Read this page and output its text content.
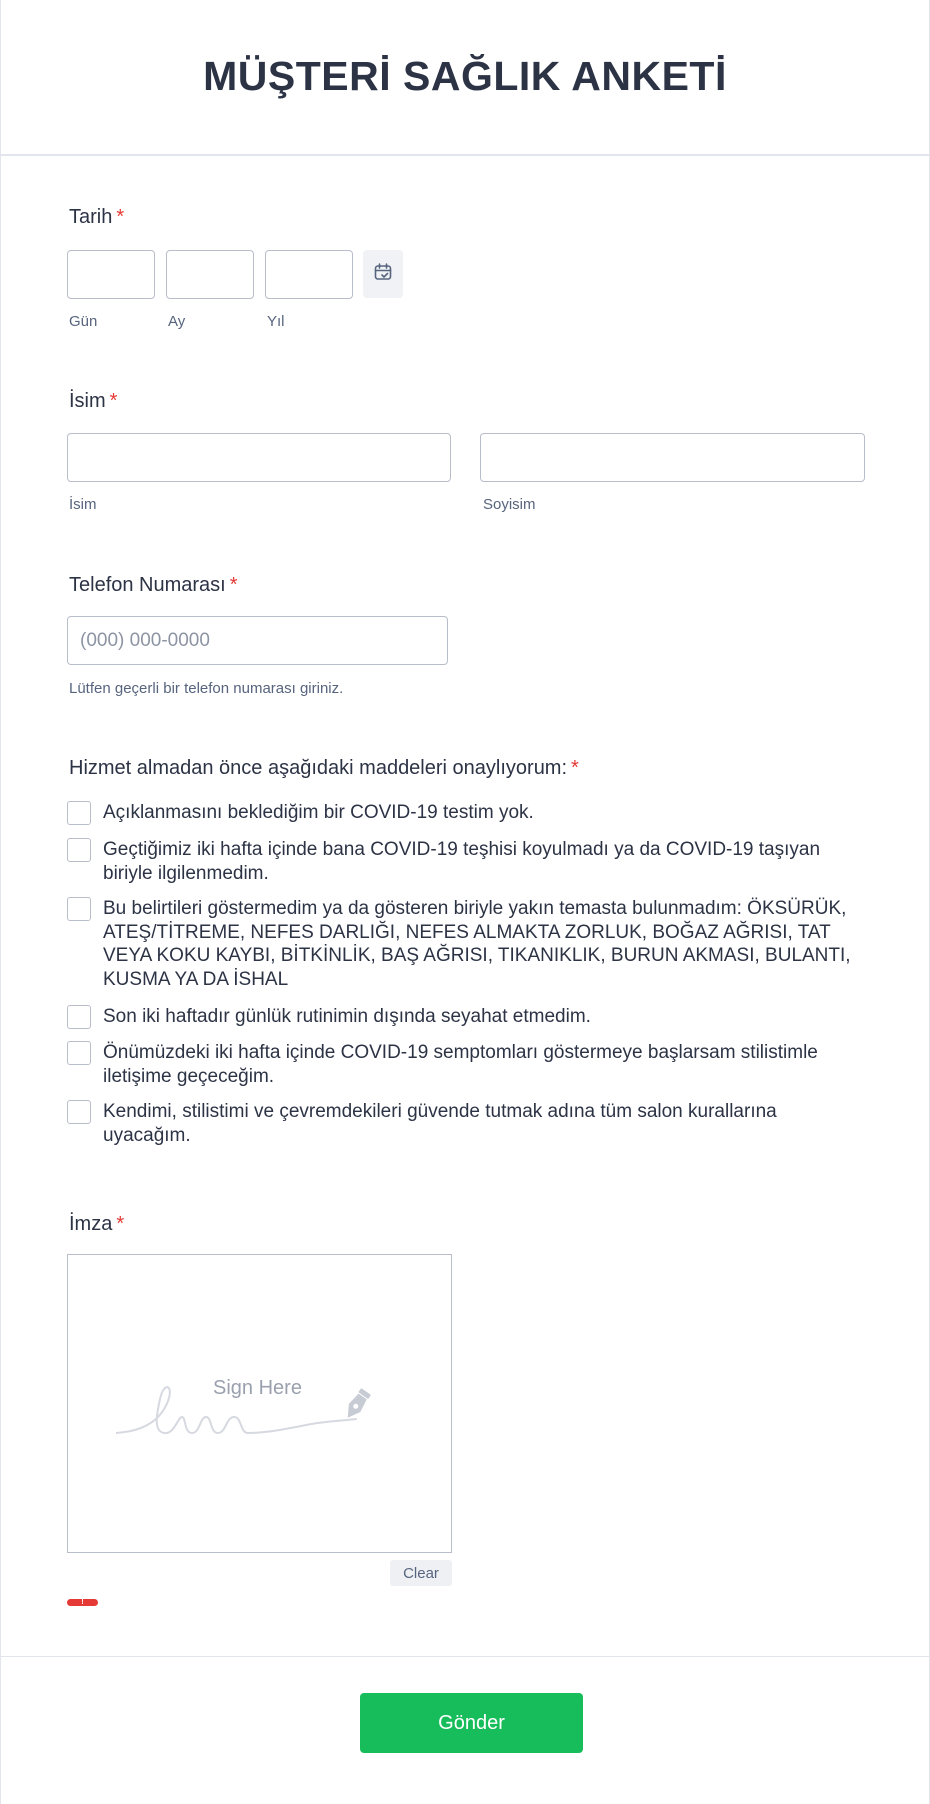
MÜŞTERİ SAĞLIK ANKETİ
Tarih *
Gün	Ay	Yıl
İsim *
İsim	Soyisim
Telefon Numarası *
(000) 000-0000
Lütfen geçerli bir telefon numarası giriniz.
Hizmet almadan önce aşağıdaki maddeleri onaylıyorum: *
Açıklanmasını beklediğim bir COVID-19 testim yok.
Geçtiğimiz iki hafta içinde bana COVID-19 teşhisi koyulmadı ya da COVID-19 taşıyan biriyle ilgilenmedim.
Bu belirtileri göstermedim ya da gösteren biriyle yakın temasta bulunmadım: ÖKSÜRÜK, ATEŞ/TİTREME, NEFES DARLIĞI, NEFES ALMAKTA ZORLUK, BOĞAZ AĞRISI, TAT VEYA KOKU KAYBI, BİTKİNLİK, BAŞ AĞRISI, TIKANIKLIK, BURUN AKMASI, BULANTI, KUSMA YA DA İSHAL
Son iki haftadır günlük rutinimin dışında seyahat etmedim.
Önümüzdeki iki hafta içinde COVID-19 semptomları göstermeye başlarsam stilistimle iletişime geçeceğim.
Kendimi, stilistimi ve çevremdekileri güvende tutmak adına tüm salon kurallarına uyacağım.
İmza *
Sign Here
Clear
!
Gönder
